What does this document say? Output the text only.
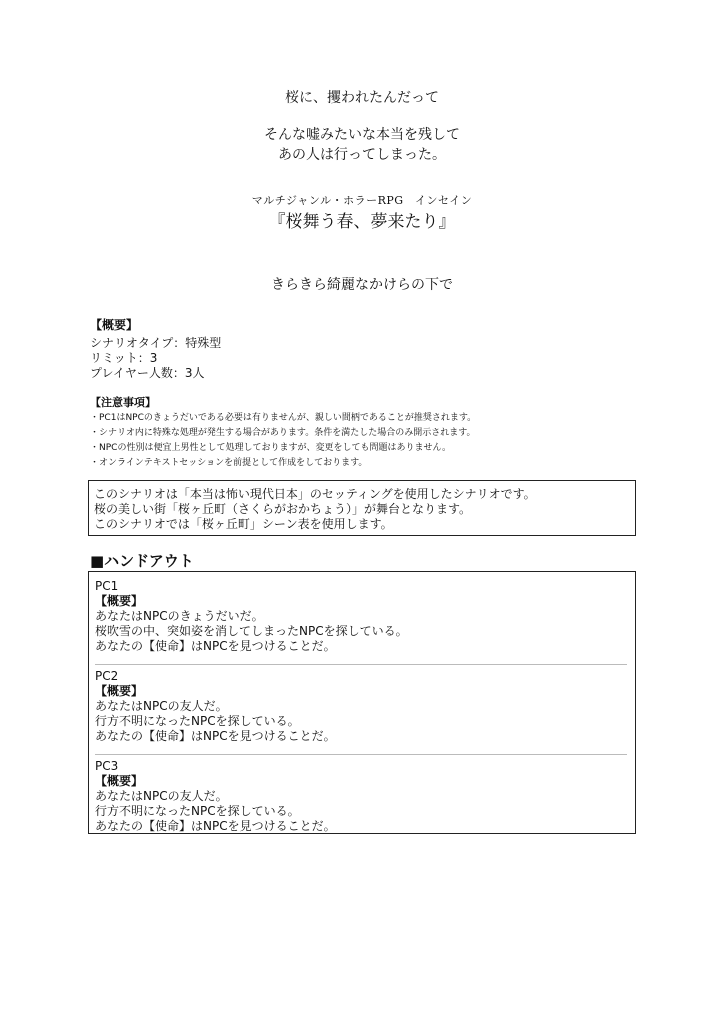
桜に、攫われたんだって
そんな嘘みたいな本当を残して
あの人は行ってしまった。
マルチジャンル・ホラーRPG　インセイン
『桜舞う春、夢来たり』
きらきら綺麗なかけらの下で
【概要】
シナリオタイプ：特殊型
リミット：3
プレイヤー人数：3人
【注意事項】
・PC1はNPCのきょうだいである必要は有りませんが、親しい間柄であることが推奨されます。
・シナリオ内に特殊な処理が発生する場合があります。条件を満たした場合のみ開示されます。
・NPCの性別は便宜上男性として処理しておりますが、変更をしても問題はありません。
・オンラインテキストセッションを前提として作成をしております。
このシナリオは「本当は怖い現代日本」のセッティングを使用したシナリオです。
桜の美しい街「桜ヶ丘町（さくらがおかちょう）」が舞台となります。
このシナリオでは「桜ヶ丘町」シーン表を使用します。
■ハンドアウト
PC1
【概要】
あなたはNPCのきょうだいだ。
桜吹雪の中、突如姿を消してしまったNPCを探している。
あなたの【使命】はNPCを見つけることだ。
PC2
【概要】
あなたはNPCの友人だ。
行方不明になったNPCを探している。
あなたの【使命】はNPCを見つけることだ。
PC3
【概要】
あなたはNPCの友人だ。
行方不明になったNPCを探している。
あなたの【使命】はNPCを見つけることだ。
